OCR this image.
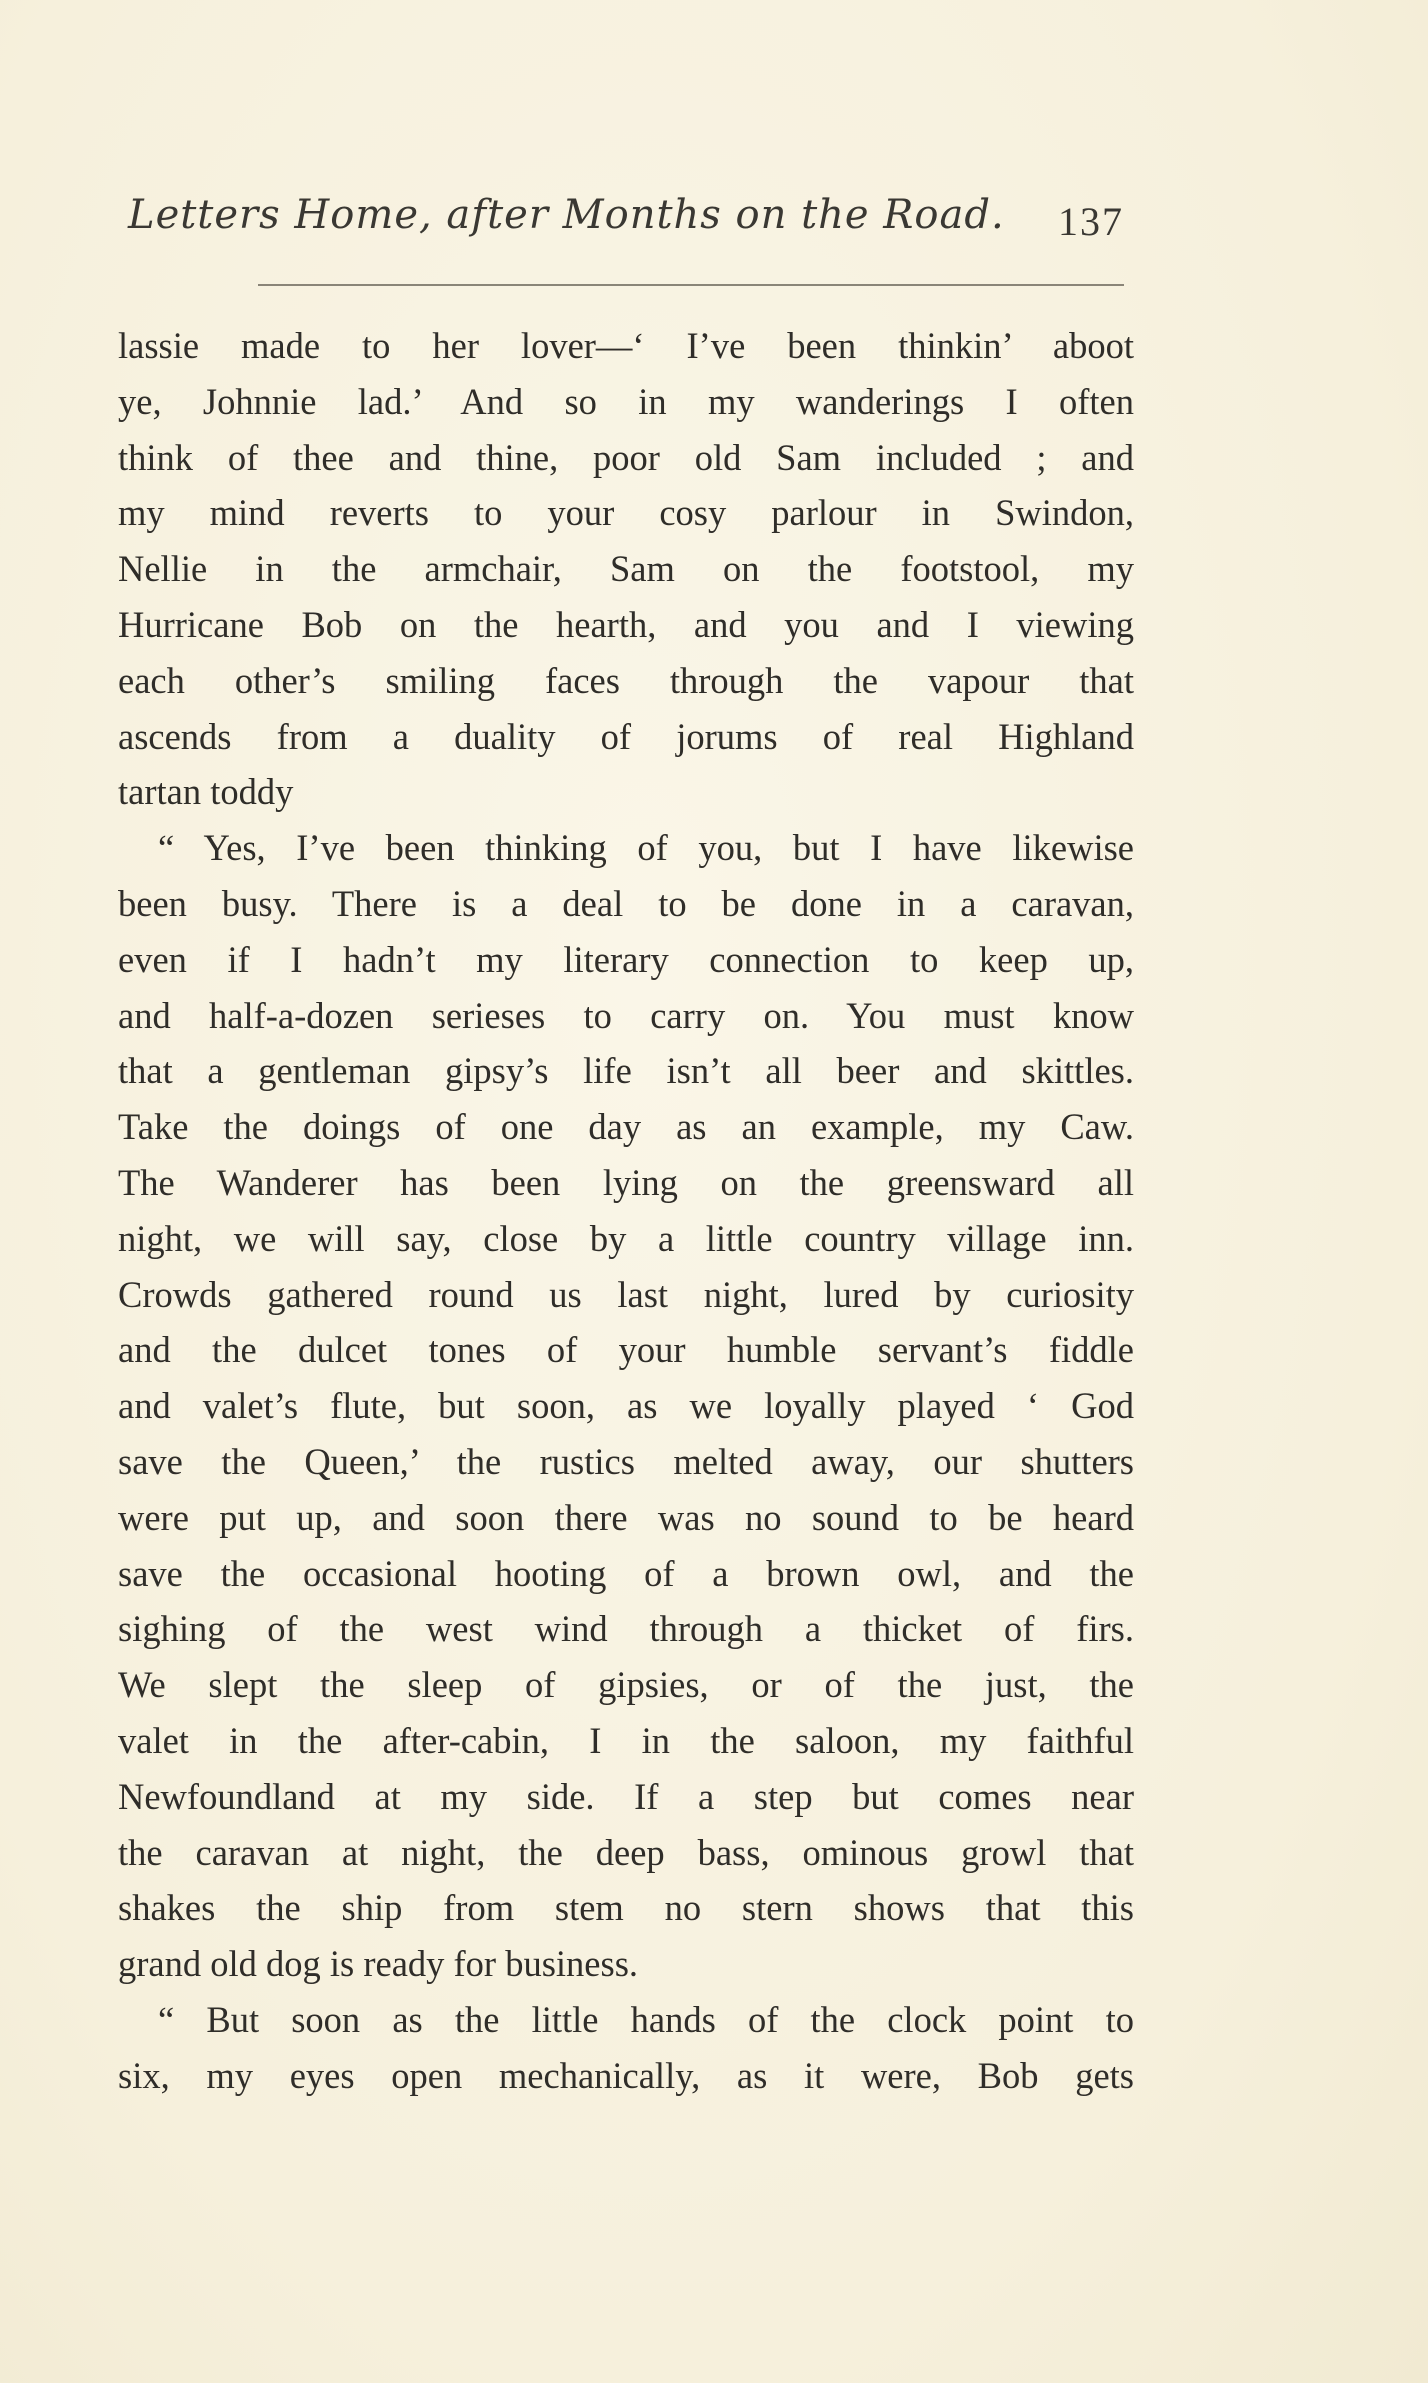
Letters Home, after Months on the Road. 137
lassie made to her lover—‘ I’ve been thinkin’ aboot
ye, Johnnie lad.’ And so in my wanderings I often
think of thee and thine, poor old Sam included ; and
my mind reverts to your cosy parlour in Swindon,
Nellie in the armchair, Sam on the footstool, my
Hurricane Bob on the hearth, and you and I viewing
each other’s smiling faces through the vapour that
ascends from a duality of jorums of real Highland
tartan toddy
“ Yes, I’ve been thinking of you, but I have likewise
been busy. There is a deal to be done in a caravan,
even if I hadn’t my literary connection to keep up,
and half-a-dozen serieses to carry on. You must know
that a gentleman gipsy’s life isn’t all beer and skittles.
Take the doings of one day as an example, my Caw.
The Wanderer has been lying on the greensward all
night, we will say, close by a little country village inn.
Crowds gathered round us last night, lured by curiosity
and the dulcet tones of your humble servant’s fiddle
and valet’s flute, but soon, as we loyally played ‘ God
save the Queen,’ the rustics melted away, our shutters
were put up, and soon there was no sound to be heard
save the occasional hooting of a brown owl, and the
sighing of the west wind through a thicket of firs.
We slept the sleep of gipsies, or of the just, the
valet in the after-cabin, I in the saloon, my faithful
Newfoundland at my side. If a step but comes near
the caravan at night, the deep bass, ominous growl that
shakes the ship from stem no stern shows that this
grand old dog is ready for business.
“ But soon as the little hands of the clock point to
six, my eyes open mechanically, as it were, Bob gets
